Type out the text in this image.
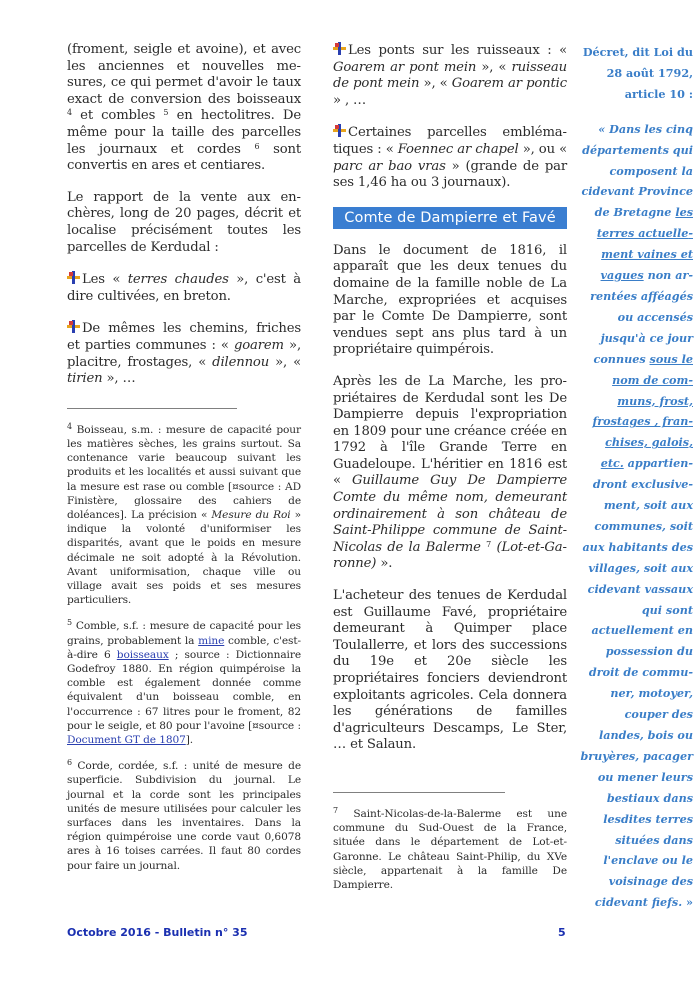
(froment, seigle et avoine), et avec les anciennes et nouvelles mesures, ce qui permet d'avoir le taux exact de conversion des boisseaux $^4$ et combles $^5$ en hectolitres. De même pour la taille des parcelles les journaux et cordes $^6$ sont convertis en ares et centiares.

Le rapport de la vente aux enchères, long de 20 pages, décrit et localise précisément toutes les parcelles de Kerdudal :

Les « terres chaudes », c'est à dire cultivées, en breton.

De mêmes les chemins, friches et parties communes : « goarem », placitre, frostages, « dilennou », « tirien », …

$^4$ Boisseau, s.m. : mesure de capacité pour les matières sèches, les grains surtout. Sa contenance varie beaucoup suivant les produits et les localités et aussi suivant que la mesure est rase ou comble [¤source : AD Finistère, glossaire des cahiers de doléances]. La précision « Mesure du Roi » indique la volonté d'uniformiser les disparités, avant que le poids en mesure décimale ne soit adopté à la Révolution. Avant uniformisation, chaque ville ou village avait ses poids et ses mesures particuliers.

$^5$ Comble, s.f. : mesure de capacité pour les grains, probablement la mine comble, c'est-à-dire 6 boisseaux ; source : Dictionnaire Godefroy 1880. En région quimpéroise la comble est également donnée comme équivalent d'un boisseau comble, en l'occurrence : 67 litres pour le froment, 82 pour le seigle, et 80 pour l'avoine [¤source : Document GT de 1807].

$^6$ Corde, cordée, s.f. : unité de mesure de superficie. Subdivision du journal. Le journal et la corde sont les principales unités de mesure utilisées pour calculer les surfaces dans les inventaires. Dans la région quimpéroise une corde vaut 0,6078 ares à 16 toises carrées. Il faut 80 cordes pour faire un journal.

Les ponts sur les ruisseaux : « Goarem ar pont mein », « ruisseau de pont mein », « Goarem ar pontic » , …

Certaines parcelles emblématiques : « Foennec ar chapel », ou « parc ar bao vras » (grande de par ses 1,46 ha ou 3 journaux).

Comte de Dampierre et Favé

Dans le document de 1816, il apparaît que les deux tenues du domaine de la famille noble de La Marche, expropriées et acquises par le Comte De Dampierre, sont vendues sept ans plus tard à un propriétaire quimpérois.

Après les de La Marche, les propriétaires de Kerdudal sont les De Dampierre depuis l'expropriation en 1809 pour une créance créée en 1792 à l'île Grande Terre en Guadeloupe. L'héritier en 1816 est « Guillaume Guy De Dampierre Comte du même nom, demeurant ordinairement à son château de Saint-Philippe commune de Saint-Nicolas de la Balerme $^7$ (Lot-et-Garonne) ».

L'acheteur des tenues de Kerdudal est Guillaume Favé, propriétaire demeurant à Quimper place Toulallerre, et lors des successions du 19e et 20e siècle les propriétaires fonciers deviendront exploitants agricoles. Cela donnera les générations de familles d'agriculteurs Descamps, Le Ster, … et Salaun.

$^7$ Saint-Nicolas-de-la-Balerme est une commune du Sud-Ouest de la France, située dans le département de Lot-et-Garonne. Le château Saint-Philip, du XVe siècle, appartenait à la famille De Dampierre.

Décret, dit Loi du 28 août 1792, article 10 :
« Dans les cinq départements qui composent la cidevant Province de Bretagne les terres actuellement vaines et vagues non arrentées afféagés ou accensés jusqu'à ce jour connues sous le nom de communs, frost, frostages , franchises, galois, etc. appartiendront exclusivement, soit aux communes, soit aux habitants des villages, soit aux cidevant vassaux qui sont actuellement en possession du droit de communer, motoyer, couper des landes, bois ou bruyères, pacager ou mener leurs bestiaux dans lesdites terres situées dans l'enclave ou le voisinage des cidevant fiefs. »
Octobre 2016 - Bulletin n° 35	5
